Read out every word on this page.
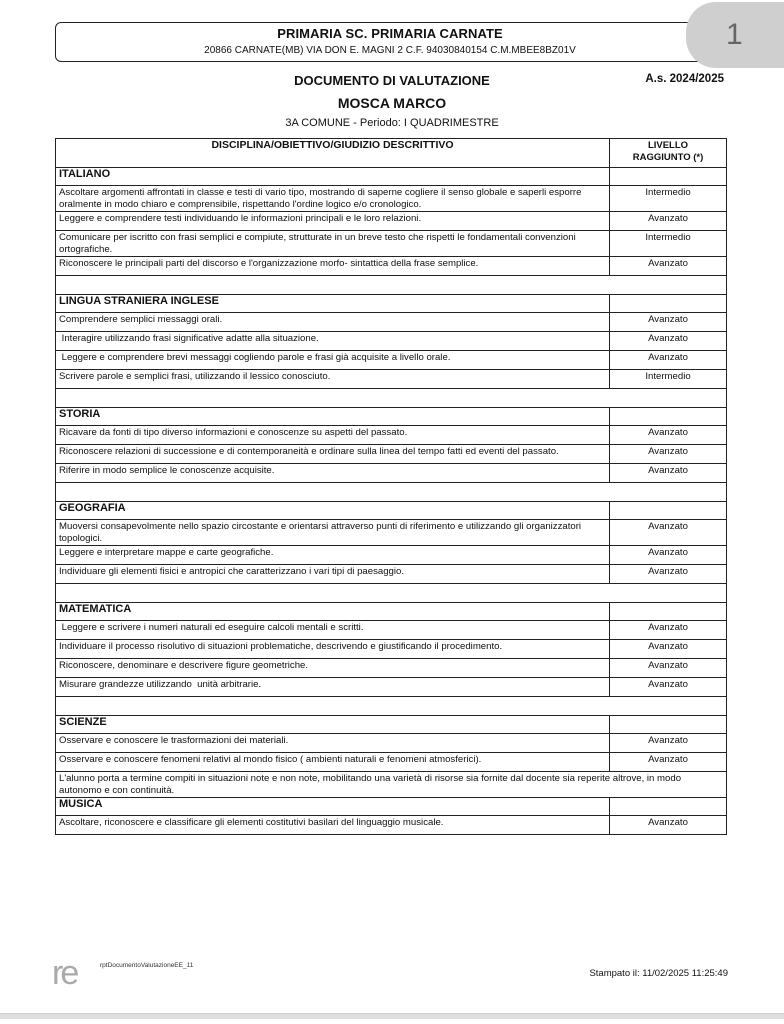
PRIMARIA SC. PRIMARIA CARNATE
20866 CARNATE(MB) VIA DON E. MAGNI 2 C.F. 94030840154 C.M.MBEE8BZ01V	1
DOCUMENTO DI VALUTAZIONE	A.s. 2024/2025
MOSCA MARCO
3A COMUNE - Periodo: I QUADRIMESTRE
DISCIPLINA/OBIETTIVO/GIUDIZIO DESCRITTIVO	LIVELLO
RAGGIUNTO (*)

ITALIANO	
Ascoltare argomenti affrontati in classe e testi di vario tipo, mostrando di saperne cogliere il senso globale e saperli esporre oralmente in modo chiaro e comprensibile, rispettando l'ordine logico e/o cronologico.	Intermedio
Leggere e comprendere testi individuando le informazioni principali e le loro relazioni.	Avanzato
Comunicare per iscritto con frasi semplici e compiute, strutturate in un breve testo che rispetti le fondamentali convenzioni ortografiche.	Intermedio
Riconoscere le principali parti del discorso e l'organizzazione morfo- sintattica della frase semplice.	Avanzato

LINGUA STRANIERA INGLESE	
Comprendere semplici messaggi orali.	Avanzato
Interagire utilizzando frasi significative adatte alla situazione.	Avanzato
Leggere e comprendere brevi messaggi cogliendo parole e frasi già acquisite a livello orale.	Avanzato
Scrivere parole e semplici frasi, utilizzando il lessico conosciuto.	Intermedio

STORIA	
Ricavare da fonti di tipo diverso informazioni e conoscenze su aspetti del passato.	Avanzato
Riconoscere relazioni di successione e di contemporaneità e ordinare sulla linea del tempo fatti ed eventi del passato.	Avanzato
Riferire in modo semplice le conoscenze acquisite.	Avanzato

GEOGRAFIA	
Muoversi consapevolmente nello spazio circostante e orientarsi attraverso punti di riferimento e utilizzando gli organizzatori topologici.	Avanzato
Leggere e interpretare mappe e carte geografiche.	Avanzato
Individuare gli elementi fisici e antropici che caratterizzano i vari tipi di paesaggio.	Avanzato

MATEMATICA	
Leggere e scrivere i numeri naturali ed eseguire calcoli mentali e scritti.	Avanzato
Individuare il processo risolutivo di situazioni problematiche, descrivendo e giustificando il procedimento.	Avanzato
Riconoscere, denominare e descrivere figure geometriche.	Avanzato
Misurare grandezze utilizzando  unità arbitrarie.	Avanzato

SCIENZE	
Osservare e conoscere le trasformazioni dei materiali.	Avanzato
Osservare e conoscere fenomeni relativi al mondo fisico ( ambienti naturali e fenomeni atmosferici).	Avanzato
L'alunno porta a termine compiti in situazioni note e non note, mobilitando una varietà di risorse sia fornite dal docente sia reperite altrove, in modo autonomo e con continuità.	
MUSICA	
Ascoltare, riconoscere e classificare gli elementi costitutivi basilari del linguaggio musicale.	Avanzato
re	rptDocumentoValutazioneEE_11
Stampato il: 11/02/2025 11:25:49
